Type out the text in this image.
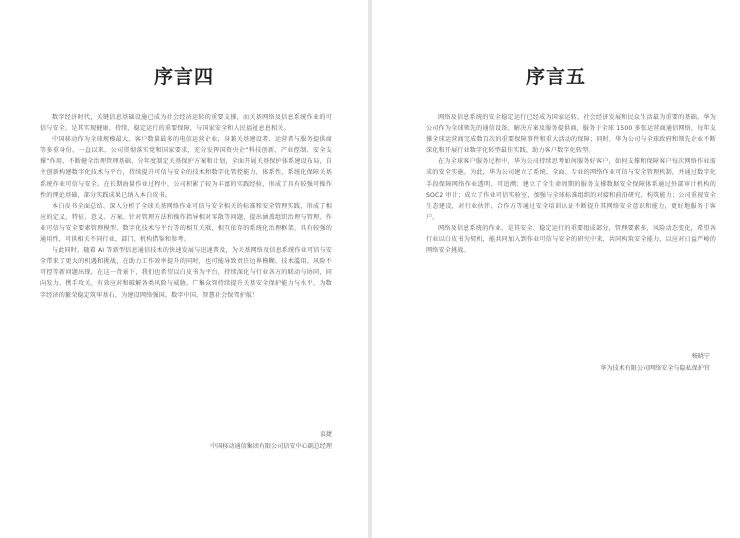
序言四

数字经济时代，关键信息基础设施已成为社会经济运转的重要支撑，而关基网络及信息系统作业的可信与安全，是其实现健康、持续、稳定运行的重要保障，与国家安全和人民福祉息息相关。

中国移动作为全球规模最大、客户数量最多的电信运营企业，身兼关基建设者、运营者与服务提供商等多重身份。一直以来，公司贯彻落实党和国家要求，充分发挥国资央企“科技创新、产业控制、安全支撑”作用，不断健全治理管理基础，分年度制定关基保护方案和计划，全面开展关基保护体系建设布局，自主创新构建数字化技术与平台，持续提升可信与安全的技术和数字化管控能力，体系性、系统化保障关基系统作业可信与安全。在长期海量作业过程中，公司积累了较为丰富的实践经验，形成了具有较强可操作性的理论基础，部分实践成果已纳入本白皮书。

本白皮书全面总结、深入分析了全球关基网络作业可信与安全相关的标准和安全管理实践，形成了相应的定义、特征、意义、方案。针对管理方法和操作指导相对零散等问题，提出涵盖组织治理与管理、作业可信与安全要素管理模型、数字化技术与平台等的相互关联、相互依存的系统化治理框架，具有较强的通用性，可供相关不同行业、部门、机构借鉴和参考。

与此同时，随着 AI 等新型信息通信技术的快速发展与迅速普及，为关基网络及信息系统作业可信与安全带来了更大的机遇和挑战，在助力工作效率提升的同时，也可能导致责任边界模糊、技术滥用、风险不可控等新问题出现。在这一背景下，我们也希望以白皮书为平台，持续深化与行业各方的联动与协同，同向发力、携手攻关，有效应对和破解各类风险与威胁，广集众智持续提升关基安全保护能力与水平，为数字经济的繁荣稳定筑牢基石，为建设网络强国、数字中国、智慧社会保驾护航！

袁捷
中国移动通信集团有限公司信安中心副总经理
序言五

网络及信息系统的安全稳定运行已经成为国家运转、社会经济发展和民众生活最为重要的基础。华为公司作为全球领先的通信设备、解决方案及服务提供商，服务于全球 1500 多张运营商通信网络，每年支撑全球运营商完成数百次的重要保障事件和重大活动的保障；同时，华为公司与全球政府和领先企业不断深化和开展行业数字化转型最佳实践，助力客户数字化转型。

在为全球客户服务过程中，华为公司持续思考如何服务好客户，如何支撑和保障客户每次网络作业需求的安全实施。为此，华为公司建立了系统、全面、专业的网络作业可信与安全管理机制，并通过数字化手段保障网络作业透明、可追溯；建立了全生命周期的服务支撑数据安全保障体系通过外部审计机构的 SOC2 审计；成立了作业可信实验室，加强与全球标准组织的对接和前沿研究，构筑能力；公司重视安全生态建设，对行业伙伴、合作方等通过安全培训认证不断提升其网络安全意识和能力，更好地服务于客户。

网络及信息系统的作业，是其安全、稳定运行的重要组成部分，管理要素多，风险动态变化，希望各行业以白皮书为契机，能共同加入到作业可信与安全的研究中来，共同构筑安全能力，以应对日益严峻的网络安全挑战。

杨晓宁
华为技术有限公司网络安全与隐私保护官
